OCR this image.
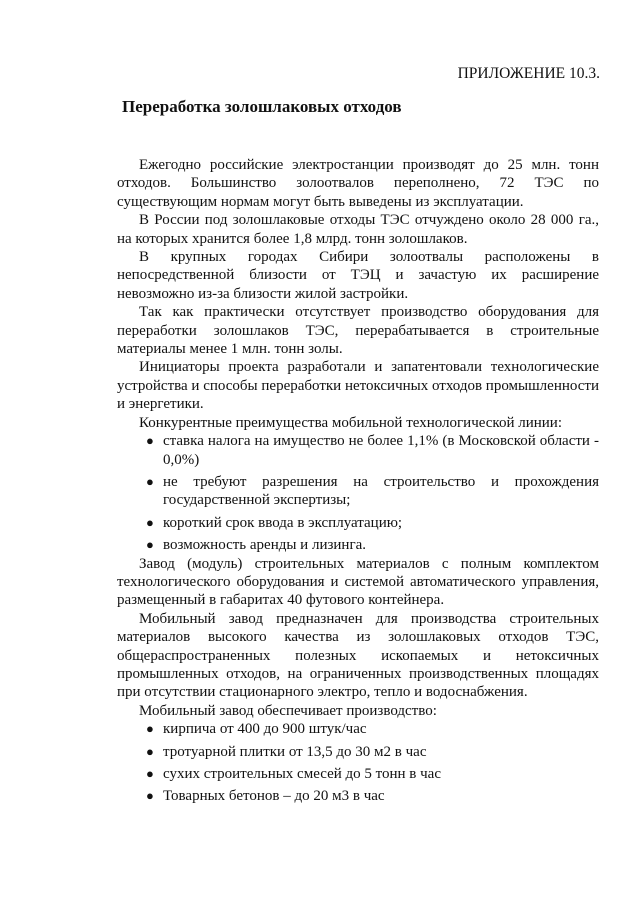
ПРИЛОЖЕНИЕ 10.3.
Переработка золошлаковых отходов

Ежегодно российские электростанции производят до 25 млн. тонн отходов. Большинство золоотвалов переполнено, 72 ТЭС по существующим нормам могут быть выведены из эксплуатации.

В России под золошлаковые отходы ТЭС отчуждено около 28 000 га., на которых хранится более 1,8 млрд. тонн золошлаков.

В крупных городах Сибири золоотвалы расположены в непосредственной близости от ТЭЦ и зачастую их расширение невозможно из-за близости жилой застройки.

Так как практически отсутствует производство оборудования для переработки золошлаков ТЭС, перерабатывается в строительные материалы менее 1 млн. тонн золы.

Инициаторы проекта разработали и запатентовали технологические устройства и способы переработки нетоксичных отходов промышленности и энергетики.

Конкурентные преимущества мобильной технологической линии:

● ставка налога на имущество не более 1,1% (в Московской области - 0,0%)
● не требуют разрешения на строительство и прохождения государственной экспертизы;
● короткий срок ввода в эксплуатацию;
● возможность аренды и лизинга.

Завод (модуль) строительных материалов с полным комплектом технологического оборудования и системой автоматического управления, размещенный в габаритах 40 футового контейнера.

Мобильный завод предназначен для производства строительных материалов высокого качества из золошлаковых отходов ТЭС, общераспространенных полезных ископаемых и нетоксичных промышленных отходов, на ограниченных производственных площадях при отсутствии стационарного электро, тепло и водоснабжения.

Мобильный завод обеспечивает производство:

● кирпича от 400 до 900 штук/час
● тротуарной плитки от 13,5 до 30 м2 в час
● сухих строительных смесей до 5 тонн в час
● Товарных бетонов – до 20 м3 в час
